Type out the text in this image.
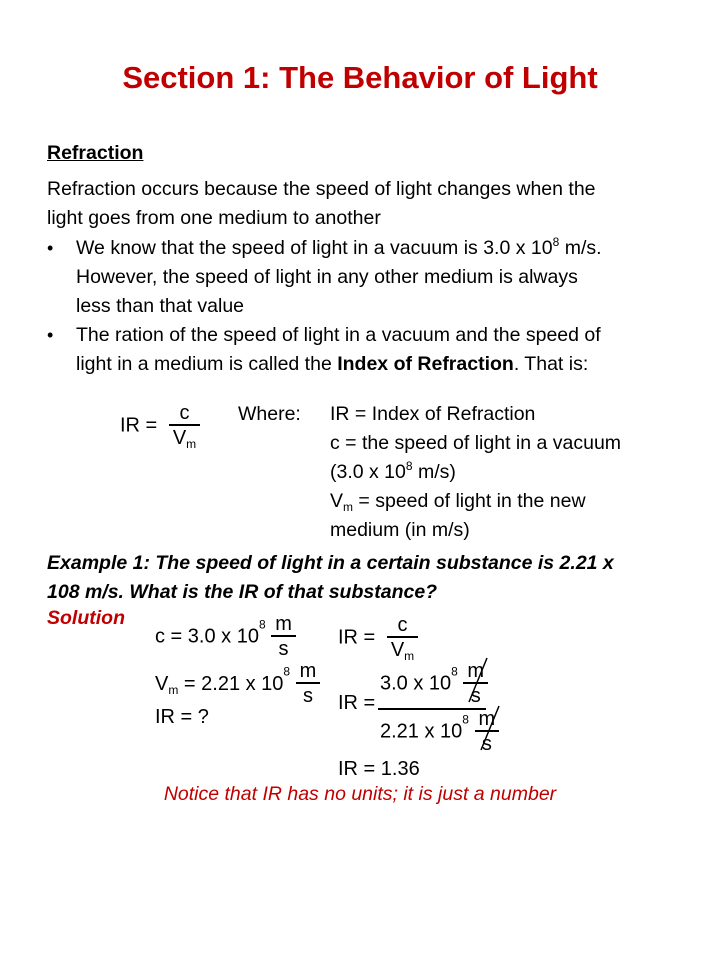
Section 1: The Behavior of Light
Refraction
Refraction occurs because the speed of light changes when the
light goes from one medium to another
• We know that the speed of light in a vacuum is 3.0 x $10^8$ m/s.
However, the speed of light in any other medium is always
less than that value
• The ration of the speed of light in a vacuum and the speed of
light in a medium is called the Index of Refraction. That is:
IR = $\frac{c}{V_m}$ Where: IR = Index of Refraction
c = the speed of light in a vacuum
(3.0 x $10^8$ m/s)
$V_m$ = speed of light in the new
medium (in m/s)
Example 1: The speed of light in a certain substance is 2.21 x
108 m/s. What is the IR of that substance?
Solution
c = 3.0 x $10^8 \frac{m}{s}$
$V_m = 2.21$ x $10^8 \frac{m}{s}$
IR = ?
IR = $\frac{c}{V_m}$
IR =
3.0 x $10^8 \frac{m}{s}$
2.21 x $10^8 \frac{m}{s}$
IR = 1.36
Notice that IR has no units; it is just a number
